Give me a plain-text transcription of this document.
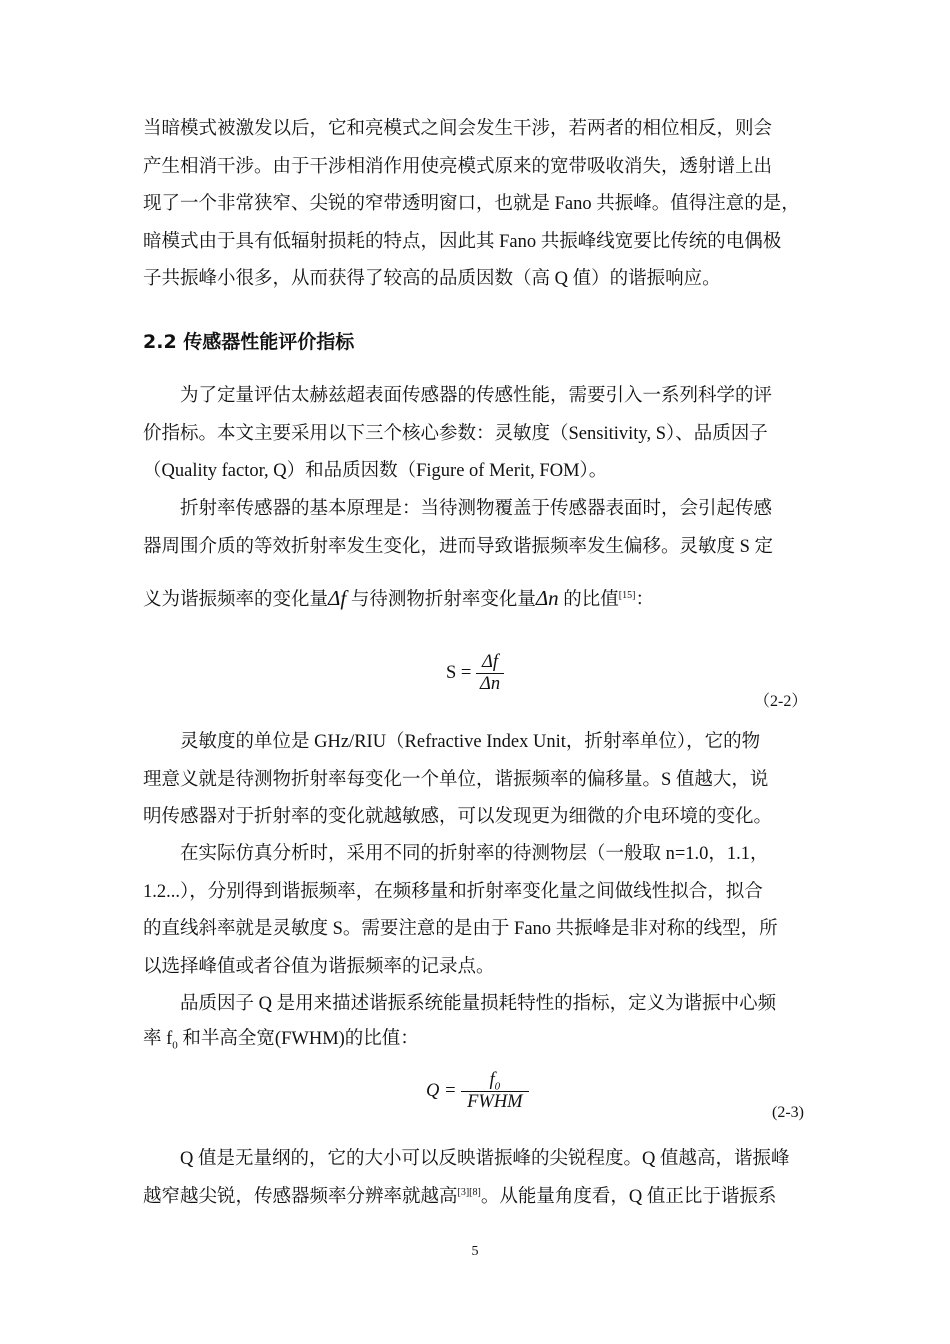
当暗模式被激发以后，它和亮模式之间会发生干涉，若两者的相位相反，则会
产生相消干涉。由于干涉相消作用使亮模式原来的宽带吸收消失，透射谱上出
现了一个非常狭窄、尖锐的窄带透明窗口，也就是 Fano 共振峰。值得注意的是，
暗模式由于具有低辐射损耗的特点，因此其 Fano 共振峰线宽要比传统的电偶极
子共振峰小很多，从而获得了较高的品质因数（高 Q 值）的谐振响应。
2.2 传感器性能评价指标
　　为了定量评估太赫兹超表面传感器的传感性能，需要引入一系列科学的评
价指标。本文主要采用以下三个核心参数：灵敏度（Sensitivity, S）、品质因子
（Quality factor, Q）和品质因数（Figure of Merit, FOM）。
　　折射率传感器的基本原理是：当待测物覆盖于传感器表面时，会引起传感
器周围介质的等效折射率发生变化，进而导致谐振频率发生偏移。灵敏度 S 定
义为谐振频率的变化量Δf 与待测物折射率变化量Δn 的比值[15]：
$S = \frac{\Delta f}{\Delta n}$
（2-2）
　　灵敏度的单位是 GHz/RIU（Refractive Index Unit，折射率单位），它的物
理意义就是待测物折射率每变化一个单位，谐振频率的偏移量。S 值越大，说
明传感器对于折射率的变化就越敏感，可以发现更为细微的介电环境的变化。
　　在实际仿真分析时，采用不同的折射率的待测物层（一般取 n=1.0，1.1，
1.2...），分别得到谐振频率，在频移量和折射率变化量之间做线性拟合，拟合
的直线斜率就是灵敏度 S。需要注意的是由于 Fano 共振峰是非对称的线型，所
以选择峰值或者谷值为谐振频率的记录点。
　　品质因子 Q 是用来描述谐振系统能量损耗特性的指标，定义为谐振中心频
率 $f_0$ 和半高全宽(FWHM)的比值：
$Q = \frac{f_0}{\text{FWHM}}$	(2-3)
　　Q 值是无量纲的，它的大小可以反映谐振峰的尖锐程度。Q 值越高，谐振峰
越窄越尖锐，传感器频率分辨率就越高[3][8]。从能量角度看，Q 值正比于谐振系
5
